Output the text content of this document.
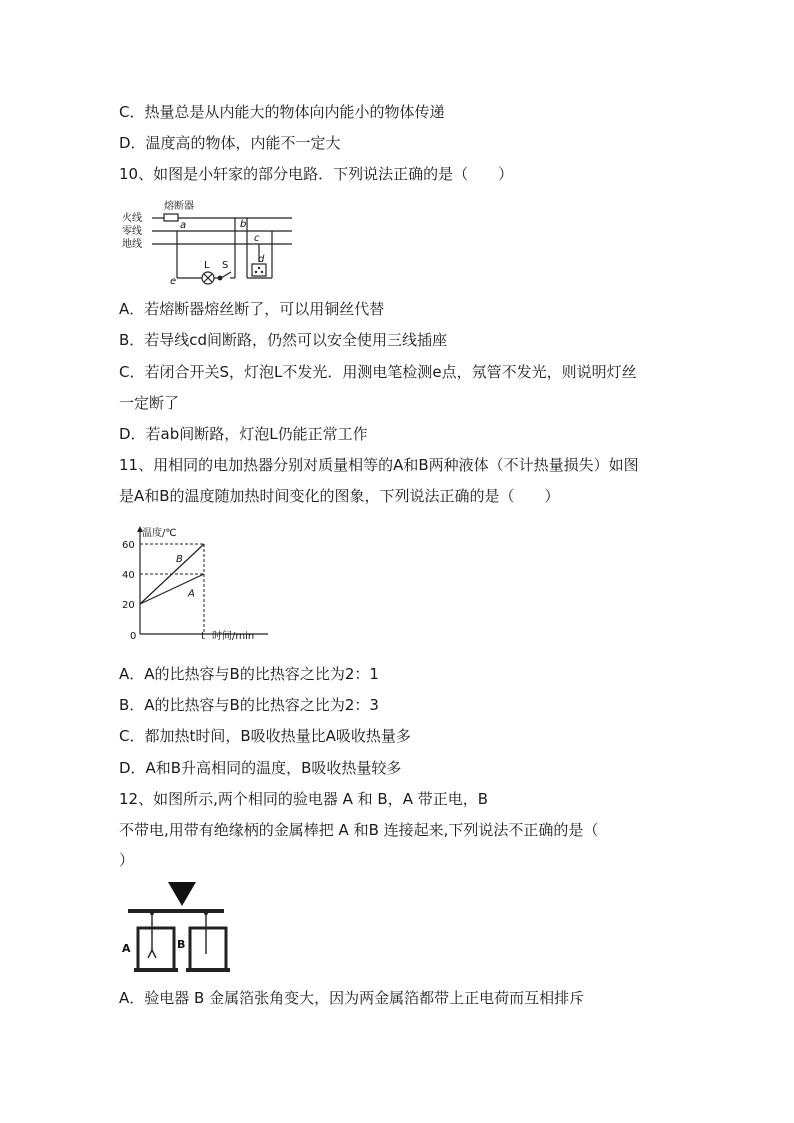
C．热量总是从内能大的物体向内能小的物体传递
D．温度高的物体，内能不一定大
10、如图是小轩家的部分电路．下列说法正确的是（　　）
熔断器
火线
零线
地线
a	b
c
d
e
L S
A．若熔断器熔丝断了，可以用铜丝代替
B．若导线cd间断路，仍然可以安全使用三线插座
C．若闭合开关S，灯泡L不发光．用测电笔检测e点，氖管不发光，则说明灯丝
一定断了
D．若ab间断路，灯泡L仍能正常工作
11、用相同的电加热器分别对质量相等的A和B两种液体（不计热量损失）如图
是A和B的温度随加热时间变化的图象，下列说法正确的是（　　）
温度/℃
时间/min
20
40
60
0	t
A
B
A．A的比热容与B的比热容之比为2：1
B．A的比热容与B的比热容之比为2：3
C．都加热t时间，B吸收热量比A吸收热量多
D．A和B升高相同的温度，B吸收热量较多
12、如图所示,两个相同的验电器 A 和 B，A 带正电，B
不带电,用带有绝缘柄的金属棒把 A 和B 连接起来,下列说法不正确的是（
）
A	B
A．验电器 B 金属箔张角变大，因为两金属箔都带上正电荷而互相排斥
